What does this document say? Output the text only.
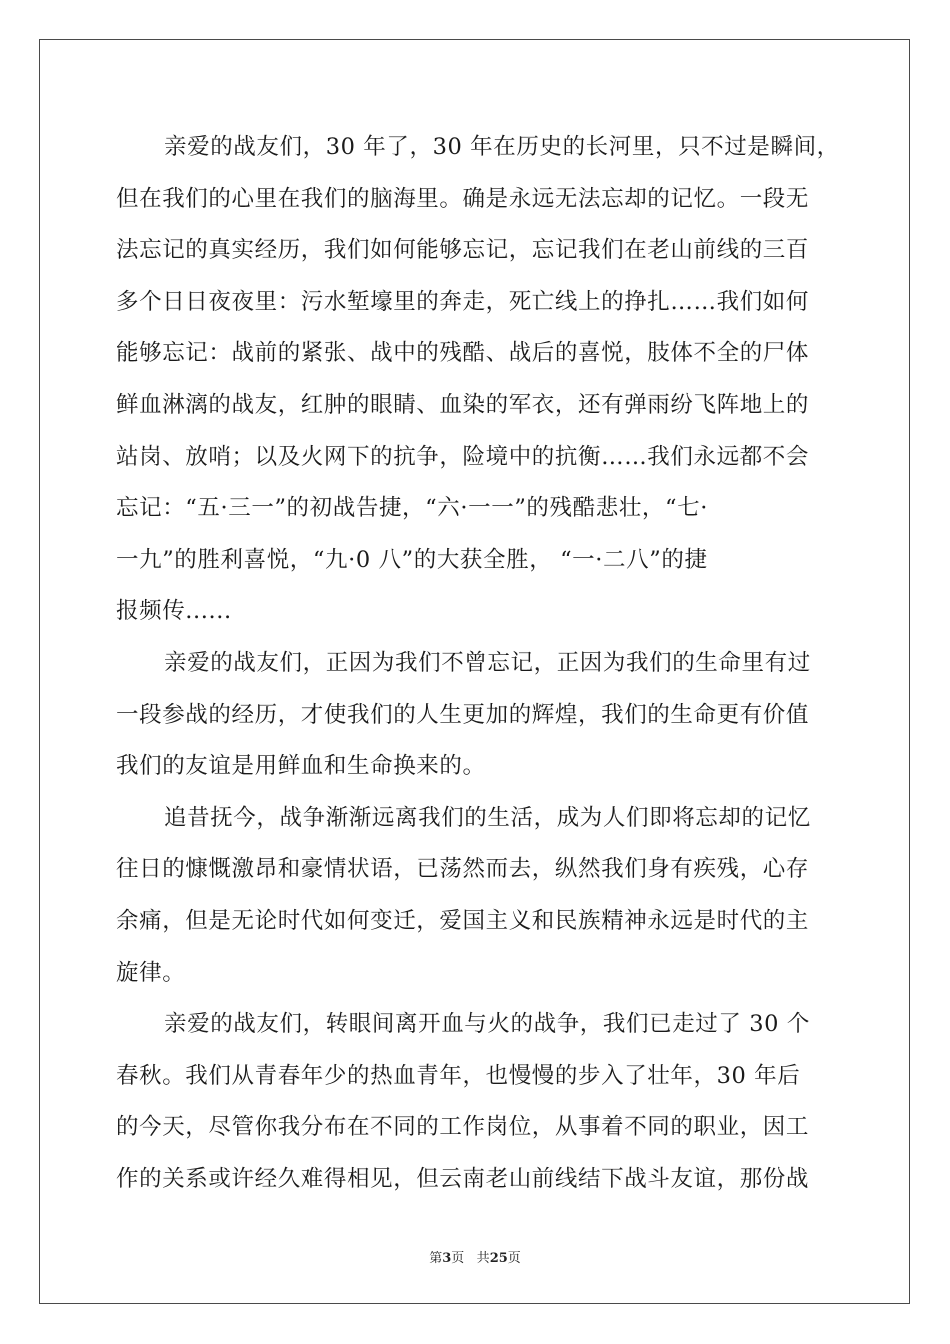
亲爱的战友们，30 年了，30 年在历史的长河里，只不过是瞬间，
但在我们的心里在我们的脑海里。确是永远无法忘却的记忆。一段无
法忘记的真实经历，我们如何能够忘记，忘记我们在老山前线的三百
多个日日夜夜里：污水堑壕里的奔走，死亡线上的挣扎……我们如何
能够忘记：战前的紧张、战中的残酷、战后的喜悦，肢体不全的尸体
鲜血淋漓的战友，红肿的眼睛、血染的军衣，还有弹雨纷飞阵地上的
站岗、放哨；以及火网下的抗争，险境中的抗衡……我们永远都不会
忘记：“五·三一”的初战告捷，“六·一一”的残酷悲壮，“七·
一九”的胜利喜悦，“九·0 八”的大获全胜， “一·二八”的捷
报频传......
亲爱的战友们，正因为我们不曾忘记，正因为我们的生命里有过
一段参战的经历，才使我们的人生更加的辉煌，我们的生命更有价值
我们的友谊是用鲜血和生命换来的。
追昔抚今，战争渐渐远离我们的生活，成为人们即将忘却的记忆
往日的慷慨激昂和豪情状语，已荡然而去，纵然我们身有疾残，心存
余痛，但是无论时代如何变迁，爱国主义和民族精神永远是时代的主
旋律。
亲爱的战友们，转眼间离开血与火的战争，我们已走过了 30 个
春秋。我们从青春年少的热血青年，也慢慢的步入了壮年，30 年后
的今天，尽管你我分布在不同的工作岗位，从事着不同的职业，因工
作的关系或许经久难得相见，但云南老山前线结下战斗友谊，那份战
第3页 共25页
